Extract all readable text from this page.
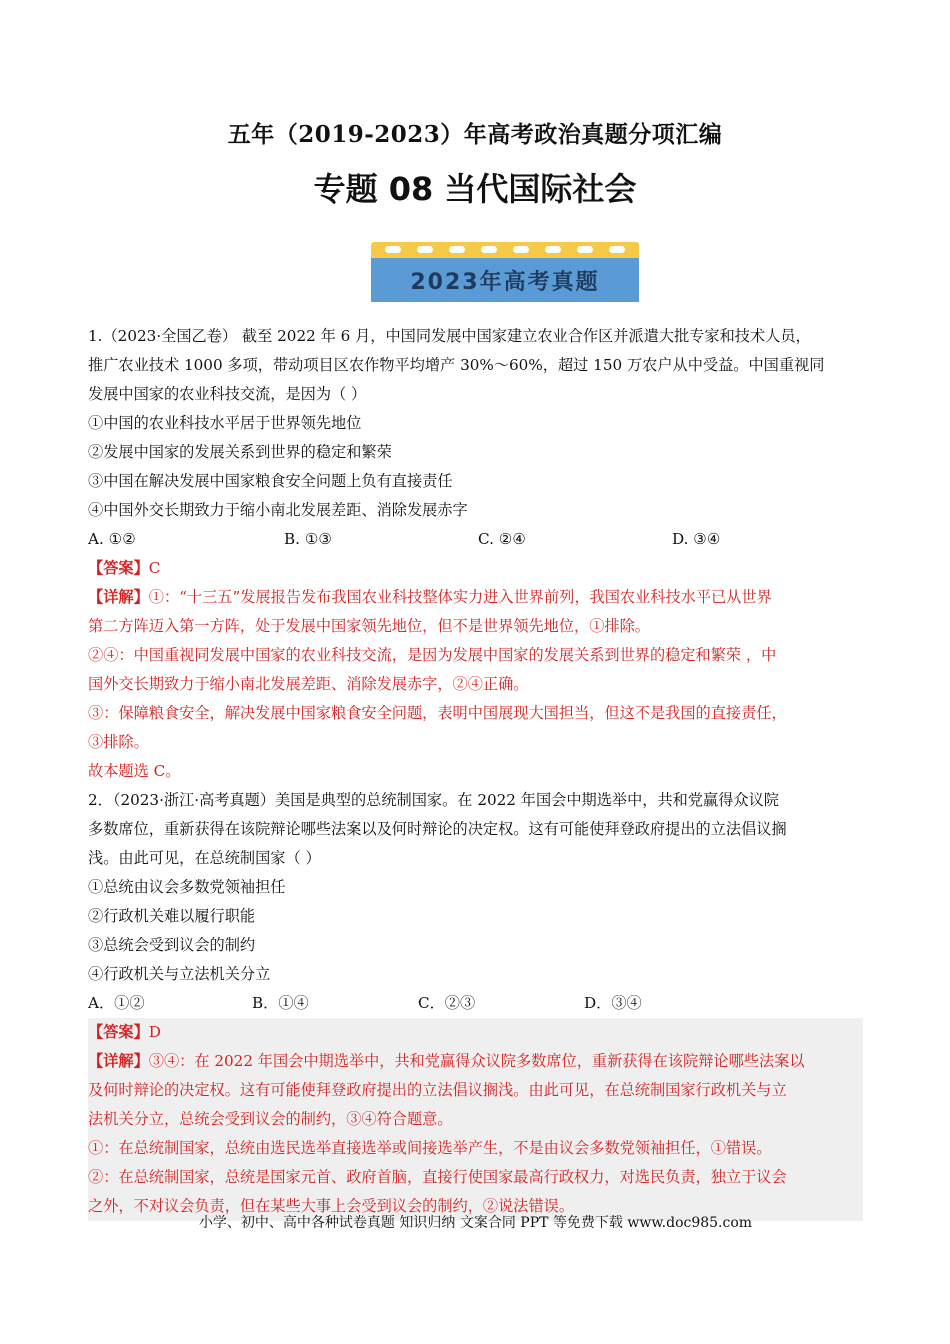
五年（2019-2023）年高考政治真题分项汇编
专题 08 当代国际社会
2023年高考真题
1.（2023·全国乙卷） 截至 2022 年 6 月，中国同发展中国家建立农业合作区并派遣大批专家和技术人员，
推广农业技术 1000 多项，带动项目区农作物平均增产 30%～60%，超过 150 万农户从中受益。中国重视同
发展中国家的农业科技交流，是因为（ ）
①中国的农业科技水平居于世界领先地位
②发展中国家的发展关系到世界的稳定和繁荣
③中国在解决发展中国家粮食安全问题上负有直接责任
④中国外交长期致力于缩小南北发展差距、消除发展赤字
A. ①②	B. ①③	C. ②④	D. ③④
【答案】C
【详解】①：“十三五”发展报告发布我国农业科技整体实力进入世界前列，我国农业科技水平已从世界
第二方阵迈入第一方阵，处于发展中国家领先地位，但不是世界领先地位，①排除。
②④：中国重视同发展中国家的农业科技交流，是因为发展中国家的发展关系到世界的稳定和繁荣 ，中
国外交长期致力于缩小南北发展差距、消除发展赤字，②④正确。
③：保障粮食安全，解决发展中国家粮食安全问题，表明中国展现大国担当，但这不是我国的直接责任，
③排除。
故本题选 C。
2．（2023·浙江·高考真题）美国是典型的总统制国家。在 2022 年国会中期选举中，共和党赢得众议院
多数席位，重新获得在该院辩论哪些法案以及何时辩论的决定权。这有可能使拜登政府提出的立法倡议搁
浅。由此可见，在总统制国家（ ）
①总统由议会多数党领袖担任
②行政机关难以履行职能
③总统会受到议会的制约
④行政机关与立法机关分立
A．①②	B．①④	C．②③	D．③④
【答案】D
【详解】③④：在 2022 年国会中期选举中，共和党赢得众议院多数席位，重新获得在该院辩论哪些法案以
及何时辩论的决定权。这有可能使拜登政府提出的立法倡议搁浅。由此可见，在总统制国家行政机关与立
法机关分立，总统会受到议会的制约，③④符合题意。
①：在总统制国家，总统由选民选举直接选举或间接选举产生，不是由议会多数党领袖担任，①错误。
②：在总统制国家，总统是国家元首、政府首脑，直接行使国家最高行政权力，对选民负责，独立于议会
之外，不对议会负责，但在某些大事上会受到议会的制约，②说法错误。
小学、初中、高中各种试卷真题 知识归纳 文案合同 PPT 等免费下载 www.doc985.com
